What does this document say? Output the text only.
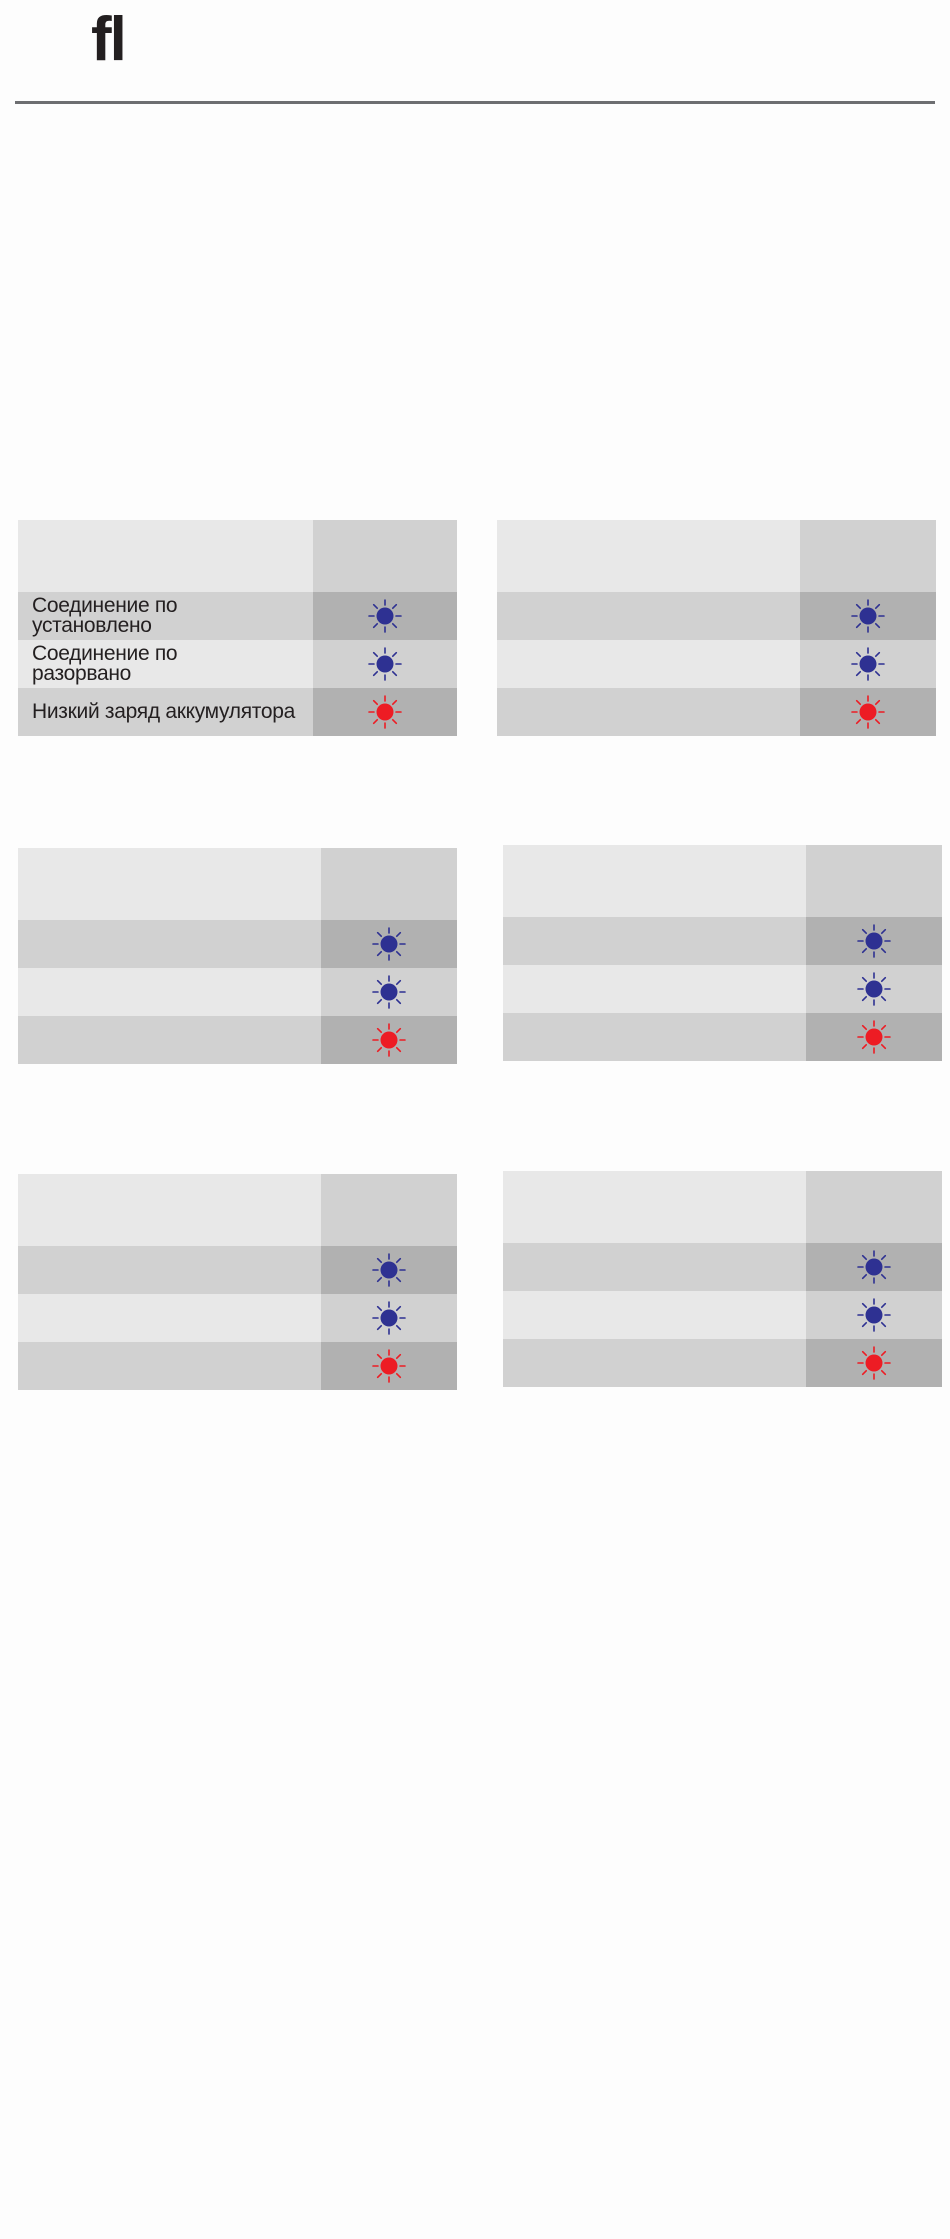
fl
Соединение по
установлено
Соединение по
разорвано
Низкий заряд аккумулятора
